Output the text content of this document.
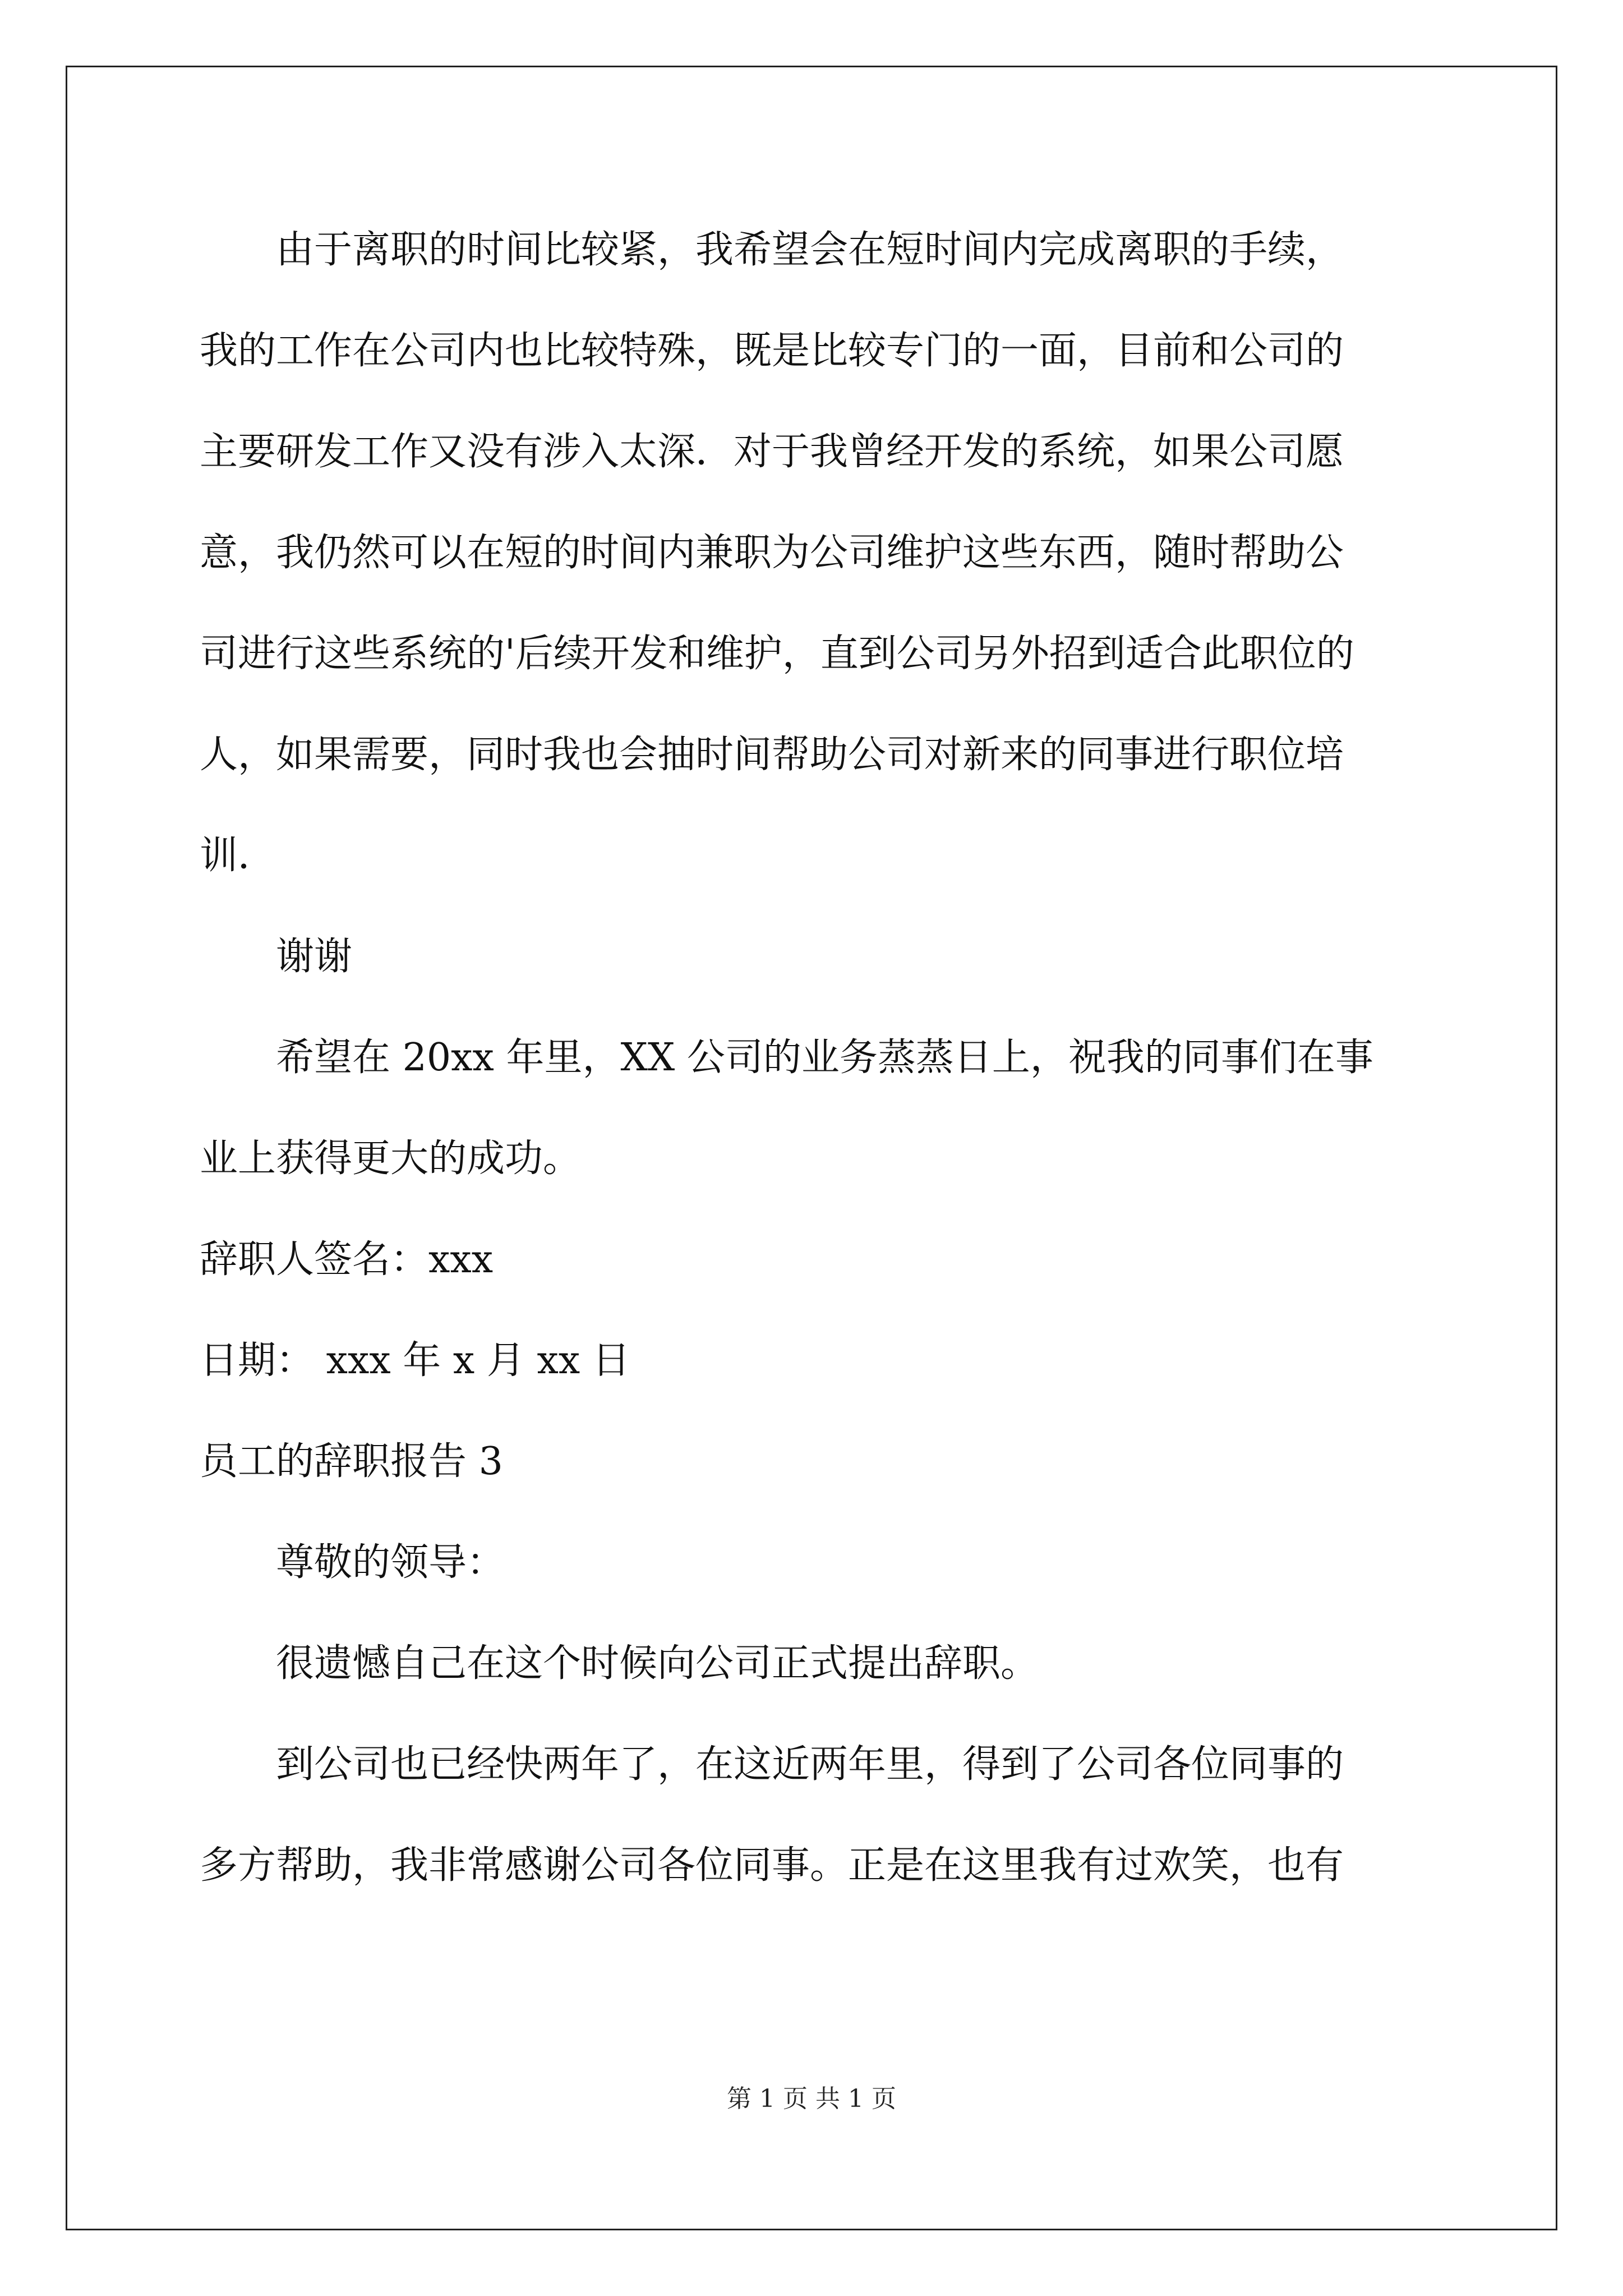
由于离职的时间比较紧，我希望会在短时间内完成离职的手续，

我的工作在公司内也比较特殊，既是比较专门的一面，目前和公司的

主要研发工作又没有涉入太深．对于我曾经开发的系统，如果公司愿

意，我仍然可以在短的时间内兼职为公司维护这些东西，随时帮助公

司进行这些系统的'后续开发和维护，直到公司另外招到适合此职位的

人，如果需要，同时我也会抽时间帮助公司对新来的同事进行职位培

训．

谢谢

希望在 20xx 年里，XX 公司的业务蒸蒸日上，祝我的同事们在事

业上获得更大的成功。

辞职人签名：xxx

日期： xxx 年 x 月 xx 日

员工的辞职报告 3

尊敬的领导：

很遗憾自己在这个时候向公司正式提出辞职。

到公司也已经快两年了，在这近两年里，得到了公司各位同事的

多方帮助，我非常感谢公司各位同事。正是在这里我有过欢笑，也有

第 1 页 共 1 页
